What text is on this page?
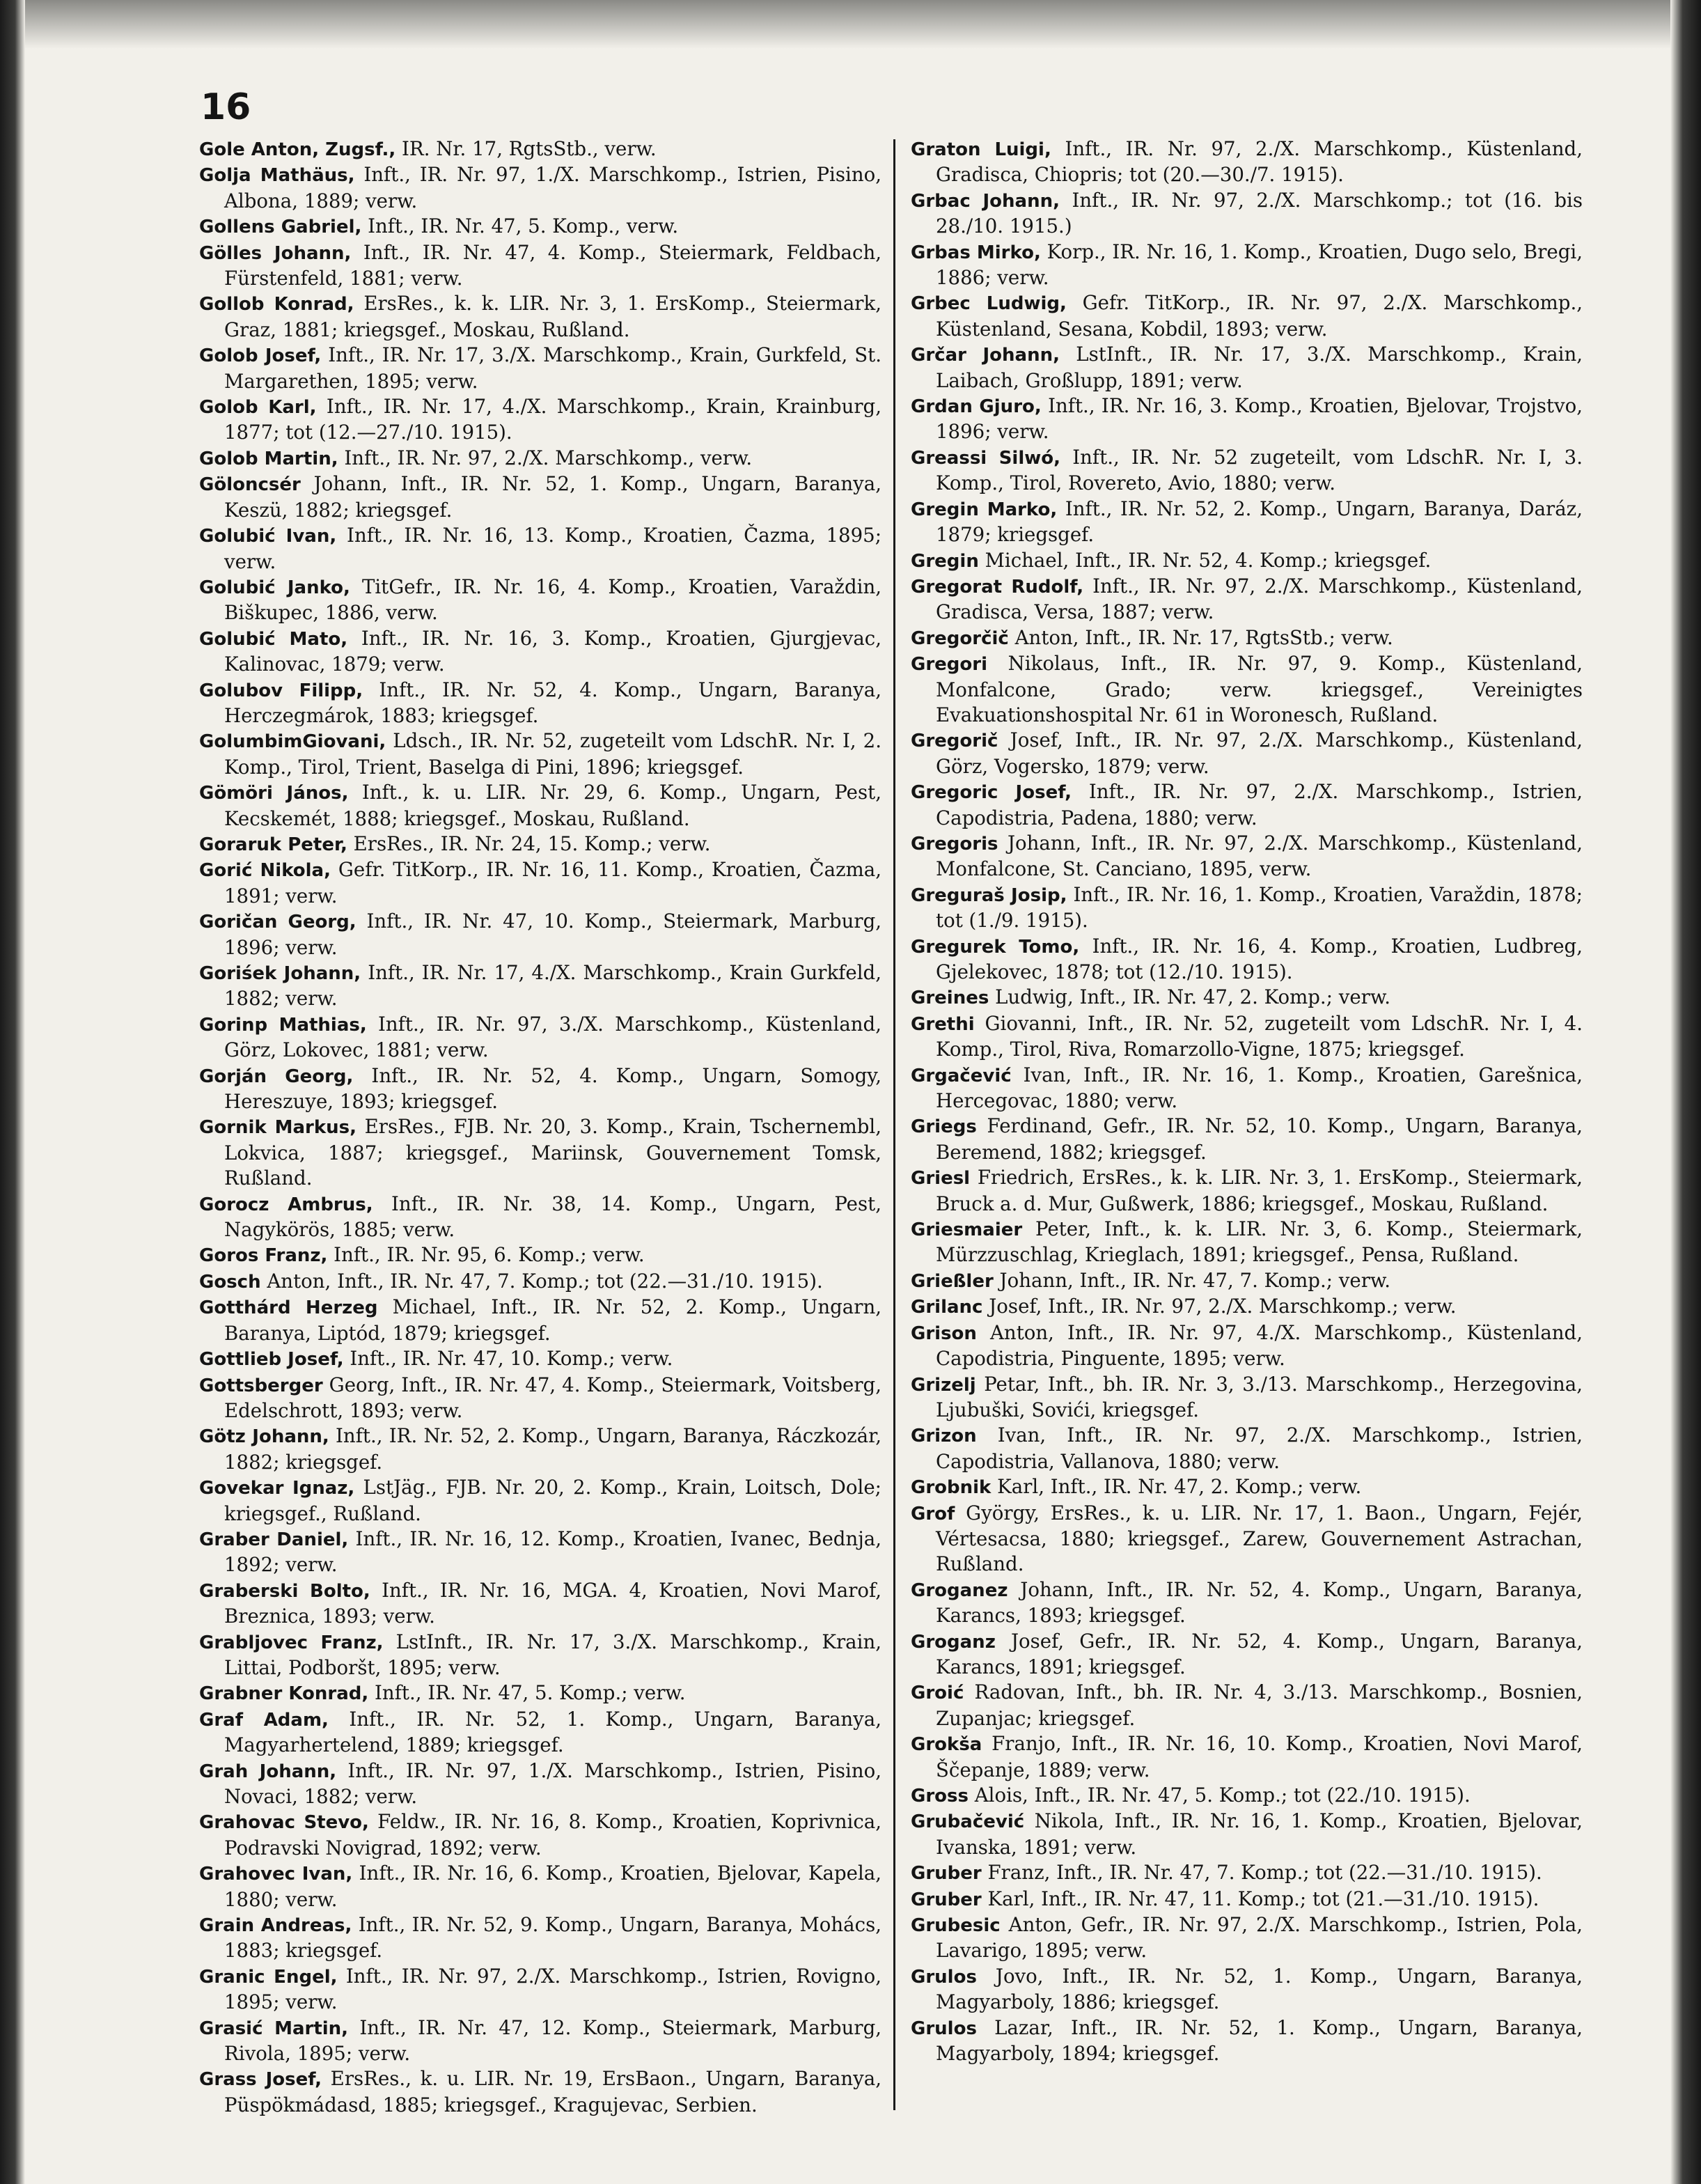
16
Gole Anton, Zugsf., IR. Nr. 17, RgtsStb., verw.
Golja Mathäus, Inft., IR. Nr. 97, 1./X. Marschkomp., Istrien, Pisino, Albona, 1889; verw.
Gollens Gabriel, Inft., IR. Nr. 47, 5. Komp., verw.
Gölles Johann, Inft., IR. Nr. 47, 4. Komp., Steiermark, Feldbach, Fürstenfeld, 1881; verw.
Gollob Konrad, ErsRes., k. k. LIR. Nr. 3, 1. ErsKomp., Steiermark, Graz, 1881; kriegsgef., Moskau, Rußland.
Golob Josef, Inft., IR. Nr. 17, 3./X. Marschkomp., Krain, Gurkfeld, St. Margarethen, 1895; verw.
Golob Karl, Inft., IR. Nr. 17, 4./X. Marschkomp., Krain, Krainburg, 1877; tot (12.—27./10. 1915).
Golob Martin, Inft., IR. Nr. 97, 2./X. Marschkomp., verw.
Göloncsér Johann, Inft., IR. Nr. 52, 1. Komp., Ungarn, Baranya, Keszü, 1882; kriegsgef.
Golubić Ivan, Inft., IR. Nr. 16, 13. Komp., Kroatien, Čazma, 1895; verw.
Golubić Janko, TitGefr., IR. Nr. 16, 4. Komp., Kroatien, Varaždin, Biškupec, 1886, verw.
Golubić Mato, Inft., IR. Nr. 16, 3. Komp., Kroatien, Gjurgjevac, Kalinovac, 1879; verw.
Golubov Filipp, Inft., IR. Nr. 52, 4. Komp., Ungarn, Baranya, Herczegmárok, 1883; kriegsgef.
GolumbimGiovani, Ldsch., IR. Nr. 52, zugeteilt vom LdschR. Nr. I, 2. Komp., Tirol, Trient, Baselga di Pini, 1896; kriegsgef.
Gömöri János, Inft., k. u. LIR. Nr. 29, 6. Komp., Ungarn, Pest, Kecskemét, 1888; kriegsgef., Moskau, Rußland.
Goraruk Peter, ErsRes., IR. Nr. 24, 15. Komp.; verw.
Gorić Nikola, Gefr. TitKorp., IR. Nr. 16, 11. Komp., Kroatien, Čazma, 1891; verw.
Goričan Georg, Inft., IR. Nr. 47, 10. Komp., Steiermark, Marburg, 1896; verw.
Goriśek Johann, Inft., IR. Nr. 17, 4./X. Marschkomp., Krain Gurkfeld, 1882; verw.
Gorinp Mathias, Inft., IR. Nr. 97, 3./X. Marschkomp., Küstenland, Görz, Lokovec, 1881; verw.
Gorján Georg, Inft., IR. Nr. 52, 4. Komp., Ungarn, Somogy, Hereszuye, 1893; kriegsgef.
Gornik Markus, ErsRes., FJB. Nr. 20, 3. Komp., Krain, Tschernembl, Lokvica, 1887; kriegsgef., Mariinsk, Gouvernement Tomsk, Rußland.
Gorocz Ambrus, Inft., IR. Nr. 38, 14. Komp., Ungarn, Pest, Nagykörös, 1885; verw.
Goros Franz, Inft., IR. Nr. 95, 6. Komp.; verw.
Gosch Anton, Inft., IR. Nr. 47, 7. Komp.; tot (22.—31./10. 1915).
Gotthárd Herzeg Michael, Inft., IR. Nr. 52, 2. Komp., Ungarn, Baranya, Liptód, 1879; kriegsgef.
Gottlieb Josef, Inft., IR. Nr. 47, 10. Komp.; verw.
Gottsberger Georg, Inft., IR. Nr. 47, 4. Komp., Steiermark, Voitsberg, Edelschrott, 1893; verw.
Götz Johann, Inft., IR. Nr. 52, 2. Komp., Ungarn, Baranya, Ráczkozár, 1882; kriegsgef.
Govekar Ignaz, LstJäg., FJB. Nr. 20, 2. Komp., Krain, Loitsch, Dole; kriegsgef., Rußland.
Graber Daniel, Inft., IR. Nr. 16, 12. Komp., Kroatien, Ivanec, Bednja, 1892; verw.
Graberski Bolto, Inft., IR. Nr. 16, MGA. 4, Kroatien, Novi Marof, Breznica, 1893; verw.
Grabljovec Franz, LstInft., IR. Nr. 17, 3./X. Marschkomp., Krain, Littai, Podboršt, 1895; verw.
Grabner Konrad, Inft., IR. Nr. 47, 5. Komp.; verw.
Graf Adam, Inft., IR. Nr. 52, 1. Komp., Ungarn, Baranya, Magyarhertelend, 1889; kriegsgef.
Grah Johann, Inft., IR. Nr. 97, 1./X. Marschkomp., Istrien, Pisino, Novaci, 1882; verw.
Grahovac Stevo, Feldw., IR. Nr. 16, 8. Komp., Kroatien, Koprivnica, Podravski Novigrad, 1892; verw.
Grahovec Ivan, Inft., IR. Nr. 16, 6. Komp., Kroatien, Bjelovar, Kapela, 1880; verw.
Grain Andreas, Inft., IR. Nr. 52, 9. Komp., Ungarn, Baranya, Mohács, 1883; kriegsgef.
Granic Engel, Inft., IR. Nr. 97, 2./X. Marschkomp., Istrien, Rovigno, 1895; verw.
Grasić Martin, Inft., IR. Nr. 47, 12. Komp., Steiermark, Marburg, Rivola, 1895; verw.
Grass Josef, ErsRes., k. u. LIR. Nr. 19, ErsBaon., Ungarn, Baranya, Püspökmádasd, 1885; kriegsgef., Kragujevac, Serbien.
Graton Luigi, Inft., IR. Nr. 97, 2./X. Marschkomp., Küstenland, Gradisca, Chiopris; tot (20.—30./7. 1915).
Grbac Johann, Inft., IR. Nr. 97, 2./X. Marschkomp.; tot (16. bis 28./10. 1915.)
Grbas Mirko, Korp., IR. Nr. 16, 1. Komp., Kroatien, Dugo selo, Bregi, 1886; verw.
Grbec Ludwig, Gefr. TitKorp., IR. Nr. 97, 2./X. Marschkomp., Küstenland, Sesana, Kobdil, 1893; verw.
Grčar Johann, LstInft., IR. Nr. 17, 3./X. Marschkomp., Krain, Laibach, Großlupp, 1891; verw.
Grdan Gjuro, Inft., IR. Nr. 16, 3. Komp., Kroatien, Bjelovar, Trojstvo, 1896; verw.
Greassi Silwó, Inft., IR. Nr. 52 zugeteilt, vom LdschR. Nr. I, 3. Komp., Tirol, Rovereto, Avio, 1880; verw.
Gregin Marko, Inft., IR. Nr. 52, 2. Komp., Ungarn, Baranya, Daráz, 1879; kriegsgef.
Gregin Michael, Inft., IR. Nr. 52, 4. Komp.; kriegsgef.
Gregorat Rudolf, Inft., IR. Nr. 97, 2./X. Marschkomp., Küstenland, Gradisca, Versa, 1887; verw.
Gregorčič Anton, Inft., IR. Nr. 17, RgtsStb.; verw.
Gregori Nikolaus, Inft., IR. Nr. 97, 9. Komp., Küstenland, Monfalcone, Grado; verw. kriegsgef., Vereinigtes Evakuationshospital Nr. 61 in Woronesch, Rußland.
Gregorič Josef, Inft., IR. Nr. 97, 2./X. Marschkomp., Küstenland, Görz, Vogersko, 1879; verw.
Gregoric Josef, Inft., IR. Nr. 97, 2./X. Marschkomp., Istrien, Capodistria, Padena, 1880; verw.
Gregoris Johann, Inft., IR. Nr. 97, 2./X. Marschkomp., Küstenland, Monfalcone, St. Canciano, 1895, verw.
Greguraš Josip, Inft., IR. Nr. 16, 1. Komp., Kroatien, Varaždin, 1878; tot (1./9. 1915).
Gregurek Tomo, Inft., IR. Nr. 16, 4. Komp., Kroatien, Ludbreg, Gjelekovec, 1878; tot (12./10. 1915).
Greines Ludwig, Inft., IR. Nr. 47, 2. Komp.; verw.
Grethi Giovanni, Inft., IR. Nr. 52, zugeteilt vom LdschR. Nr. I, 4. Komp., Tirol, Riva, Romarzollo-Vigne, 1875; kriegsgef.
Grgačević Ivan, Inft., IR. Nr. 16, 1. Komp., Kroatien, Garešnica, Hercegovac, 1880; verw.
Griegs Ferdinand, Gefr., IR. Nr. 52, 10. Komp., Ungarn, Baranya, Beremend, 1882; kriegsgef.
Griesl Friedrich, ErsRes., k. k. LIR. Nr. 3, 1. ErsKomp., Steiermark, Bruck a. d. Mur, Gußwerk, 1886; kriegsgef., Moskau, Rußland.
Griesmaier Peter, Inft., k. k. LIR. Nr. 3, 6. Komp., Steiermark, Mürzzuschlag, Krieglach, 1891; kriegsgef., Pensa, Rußland.
Grießler Johann, Inft., IR. Nr. 47, 7. Komp.; verw.
Grilanc Josef, Inft., IR. Nr. 97, 2./X. Marschkomp.; verw.
Grison Anton, Inft., IR. Nr. 97, 4./X. Marschkomp., Küstenland, Capodistria, Pinguente, 1895; verw.
Grizelj Petar, Inft., bh. IR. Nr. 3, 3./13. Marschkomp., Herzegovina, Ljubuški, Sovići, kriegsgef.
Grizon Ivan, Inft., IR. Nr. 97, 2./X. Marschkomp., Istrien, Capodistria, Vallanova, 1880; verw.
Grobnik Karl, Inft., IR. Nr. 47, 2. Komp.; verw.
Grof György, ErsRes., k. u. LIR. Nr. 17, 1. Baon., Ungarn, Fejér, Vértesacsa, 1880; kriegsgef., Zarew, Gouvernement Astrachan, Rußland.
Groganez Johann, Inft., IR. Nr. 52, 4. Komp., Ungarn, Baranya, Karancs, 1893; kriegsgef.
Groganz Josef, Gefr., IR. Nr. 52, 4. Komp., Ungarn, Baranya, Karancs, 1891; kriegsgef.
Groić Radovan, Inft., bh. IR. Nr. 4, 3./13. Marschkomp., Bosnien, Zupanjac; kriegsgef.
Grokša Franjo, Inft., IR. Nr. 16, 10. Komp., Kroatien, Novi Marof, Ščepanje, 1889; verw.
Gross Alois, Inft., IR. Nr. 47, 5. Komp.; tot (22./10. 1915).
Grubačević Nikola, Inft., IR. Nr. 16, 1. Komp., Kroatien, Bjelovar, Ivanska, 1891; verw.
Gruber Franz, Inft., IR. Nr. 47, 7. Komp.; tot (22.—31./10. 1915).
Gruber Karl, Inft., IR. Nr. 47, 11. Komp.; tot (21.—31./10. 1915).
Grubesic Anton, Gefr., IR. Nr. 97, 2./X. Marschkomp., Istrien, Pola, Lavarigo, 1895; verw.
Grulos Jovo, Inft., IR. Nr. 52, 1. Komp., Ungarn, Baranya, Magyarboly, 1886; kriegsgef.
Grulos Lazar, Inft., IR. Nr. 52, 1. Komp., Ungarn, Baranya, Magyarboly, 1894; kriegsgef.
